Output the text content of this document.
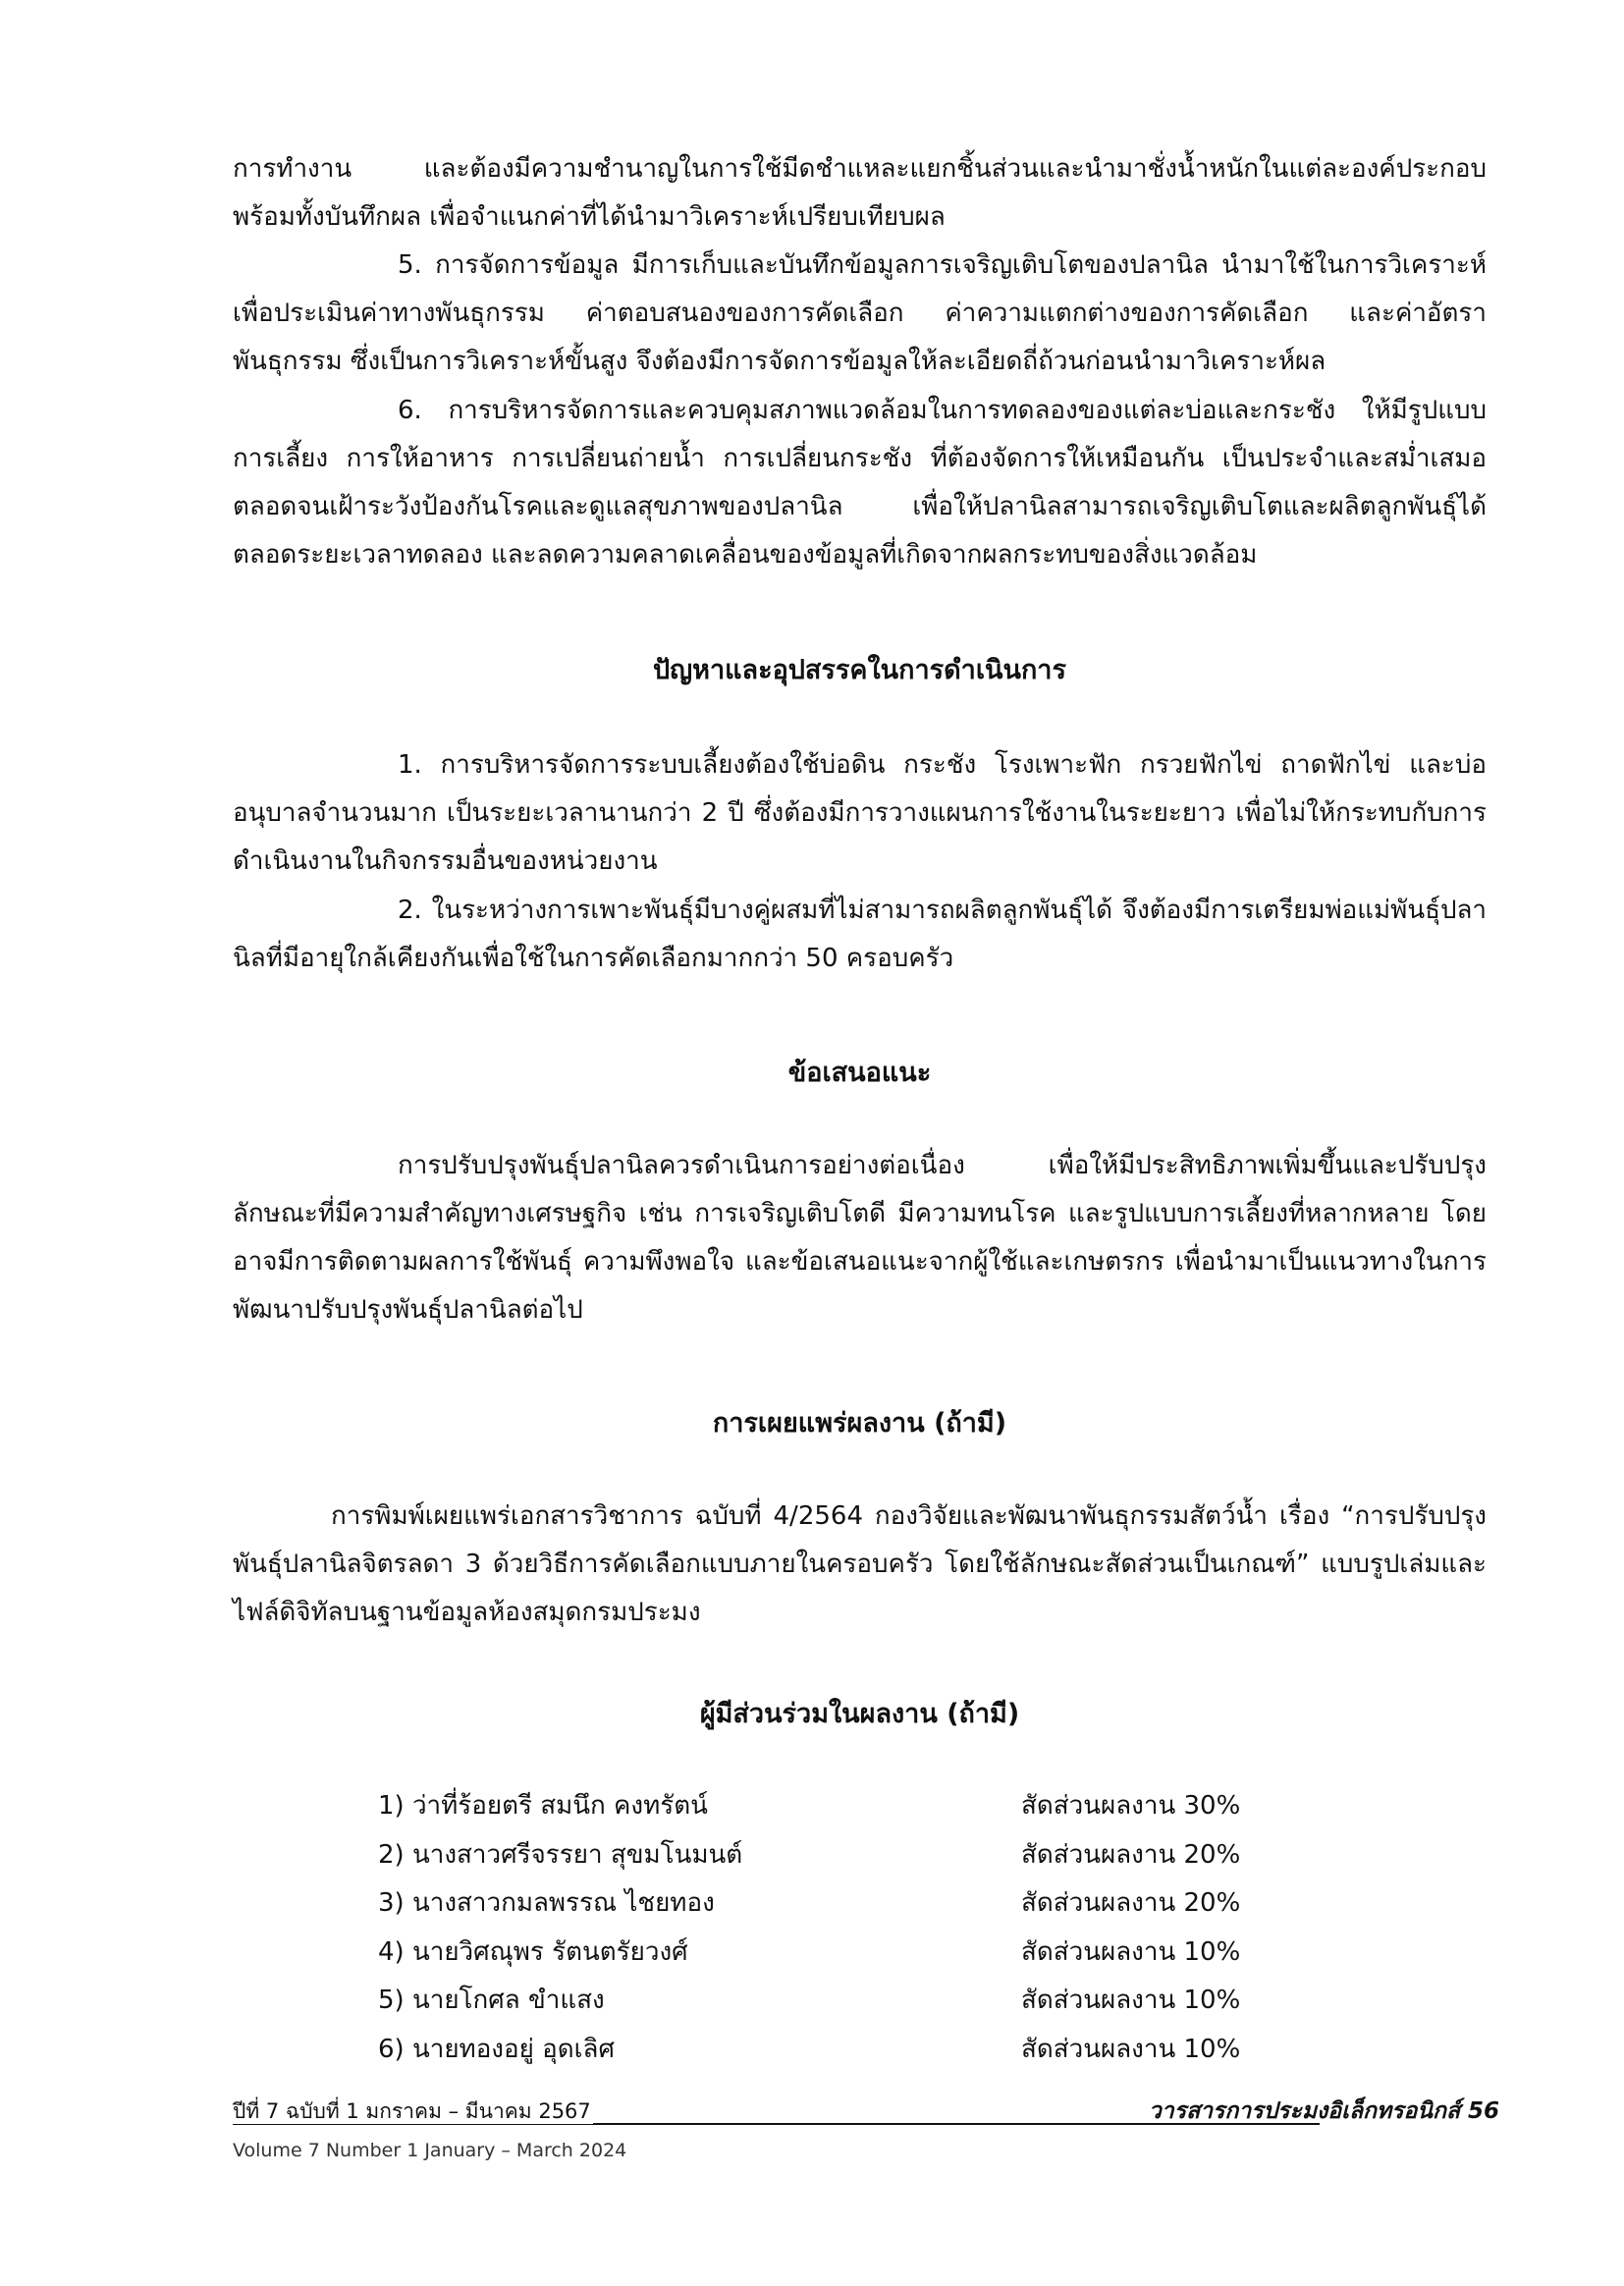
การทำงาน และต้องมีความชำนาญในการใช้มีดชำแหละแยกชิ้นส่วนและนำมาชั่งน้ำหนักในแต่ละองค์ประกอบ พร้อมทั้งบันทึกผล เพื่อจำแนกค่าที่ได้นำมาวิเคราะห์เปรียบเทียบผล

5. การจัดการข้อมูล มีการเก็บและบันทึกข้อมูลการเจริญเติบโตของปลานิล นำมาใช้ในการวิเคราะห์เพื่อประเมินค่าทางพันธุกรรม ค่าตอบสนองของการคัดเลือก ค่าความแตกต่างของการคัดเลือก และค่าอัตราพันธุกรรม ซึ่งเป็นการวิเคราะห์ขั้นสูง จึงต้องมีการจัดการข้อมูลให้ละเอียดถี่ถ้วนก่อนนำมาวิเคราะห์ผล

6. การบริหารจัดการและควบคุมสภาพแวดล้อมในการทดลองของแต่ละบ่อและกระชัง ให้มีรูปแบบการเลี้ยง การให้อาหาร การเปลี่ยนถ่ายน้ำ การเปลี่ยนกระชัง ที่ต้องจัดการให้เหมือนกัน เป็นประจำและสม่ำเสมอ ตลอดจนเฝ้าระวังป้องกันโรคและดูแลสุขภาพของปลานิล เพื่อให้ปลานิลสามารถเจริญเติบโตและผลิตลูกพันธุ์ได้ตลอดระยะเวลาทดลอง และลดความคลาดเคลื่อนของข้อมูลที่เกิดจากผลกระทบของสิ่งแวดล้อม

ปัญหาและอุปสรรคในการดำเนินการ

1. การบริหารจัดการระบบเลี้ยงต้องใช้บ่อดิน กระชัง โรงเพาะฟัก กรวยฟักไข่ ถาดฟักไข่ และบ่ออนุบาลจำนวนมาก เป็นระยะเวลานานกว่า 2 ปี ซึ่งต้องมีการวางแผนการใช้งานในระยะยาว เพื่อไม่ให้กระทบกับการดำเนินงานในกิจกรรมอื่นของหน่วยงาน

2. ในระหว่างการเพาะพันธุ์มีบางคู่ผสมที่ไม่สามารถผลิตลูกพันธุ์ได้ จึงต้องมีการเตรียมพ่อแม่พันธุ์ปลานิลที่มีอายุใกล้เคียงกันเพื่อใช้ในการคัดเลือกมากกว่า 50 ครอบครัว

ข้อเสนอแนะ

การปรับปรุงพันธุ์ปลานิลควรดำเนินการอย่างต่อเนื่อง เพื่อให้มีประสิทธิภาพเพิ่มขึ้นและปรับปรุงลักษณะที่มีความสำคัญทางเศรษฐกิจ เช่น การเจริญเติบโตดี มีความทนโรค และรูปแบบการเลี้ยงที่หลากหลาย โดยอาจมีการติดตามผลการใช้พันธุ์ ความพึงพอใจ และข้อเสนอแนะจากผู้ใช้และเกษตรกร เพื่อนำมาเป็นแนวทางในการพัฒนาปรับปรุงพันธุ์ปลานิลต่อไป

การเผยแพร่ผลงาน (ถ้ามี)

การพิมพ์เผยแพร่เอกสารวิชาการ ฉบับที่ 4/2564 กองวิจัยและพัฒนาพันธุกรรมสัตว์น้ำ เรื่อง “การปรับปรุงพันธุ์ปลานิลจิตรลดา 3 ด้วยวิธีการคัดเลือกแบบภายในครอบครัว โดยใช้ลักษณะสัดส่วนเป็นเกณฑ์” แบบรูปเล่มและไฟล์ดิจิทัลบนฐานข้อมูลห้องสมุดกรมประมง

ผู้มีส่วนร่วมในผลงาน (ถ้ามี)
1) ว่าที่ร้อยตรี สมนึก คงทรัตน์	สัดส่วนผลงาน 30%
2) นางสาวศรีจรรยา สุขมโนมนต์	สัดส่วนผลงาน 20%
3) นางสาวกมลพรรณ ไชยทอง	สัดส่วนผลงาน 20%
4) นายวิศณุพร รัตนตรัยวงศ์	สัดส่วนผลงาน 10%
5) นายโกศล ขำแสง	สัดส่วนผลงาน 10%
6) นายทองอยู่ อุดเลิศ	สัดส่วนผลงาน 10%
ปีที่ 7 ฉบับที่ 1 มกราคม – มีนาคม 2567	วารสารการประมงอิเล็กทรอนิกส์ 56
Volume 7 Number 1 January – March 2024
